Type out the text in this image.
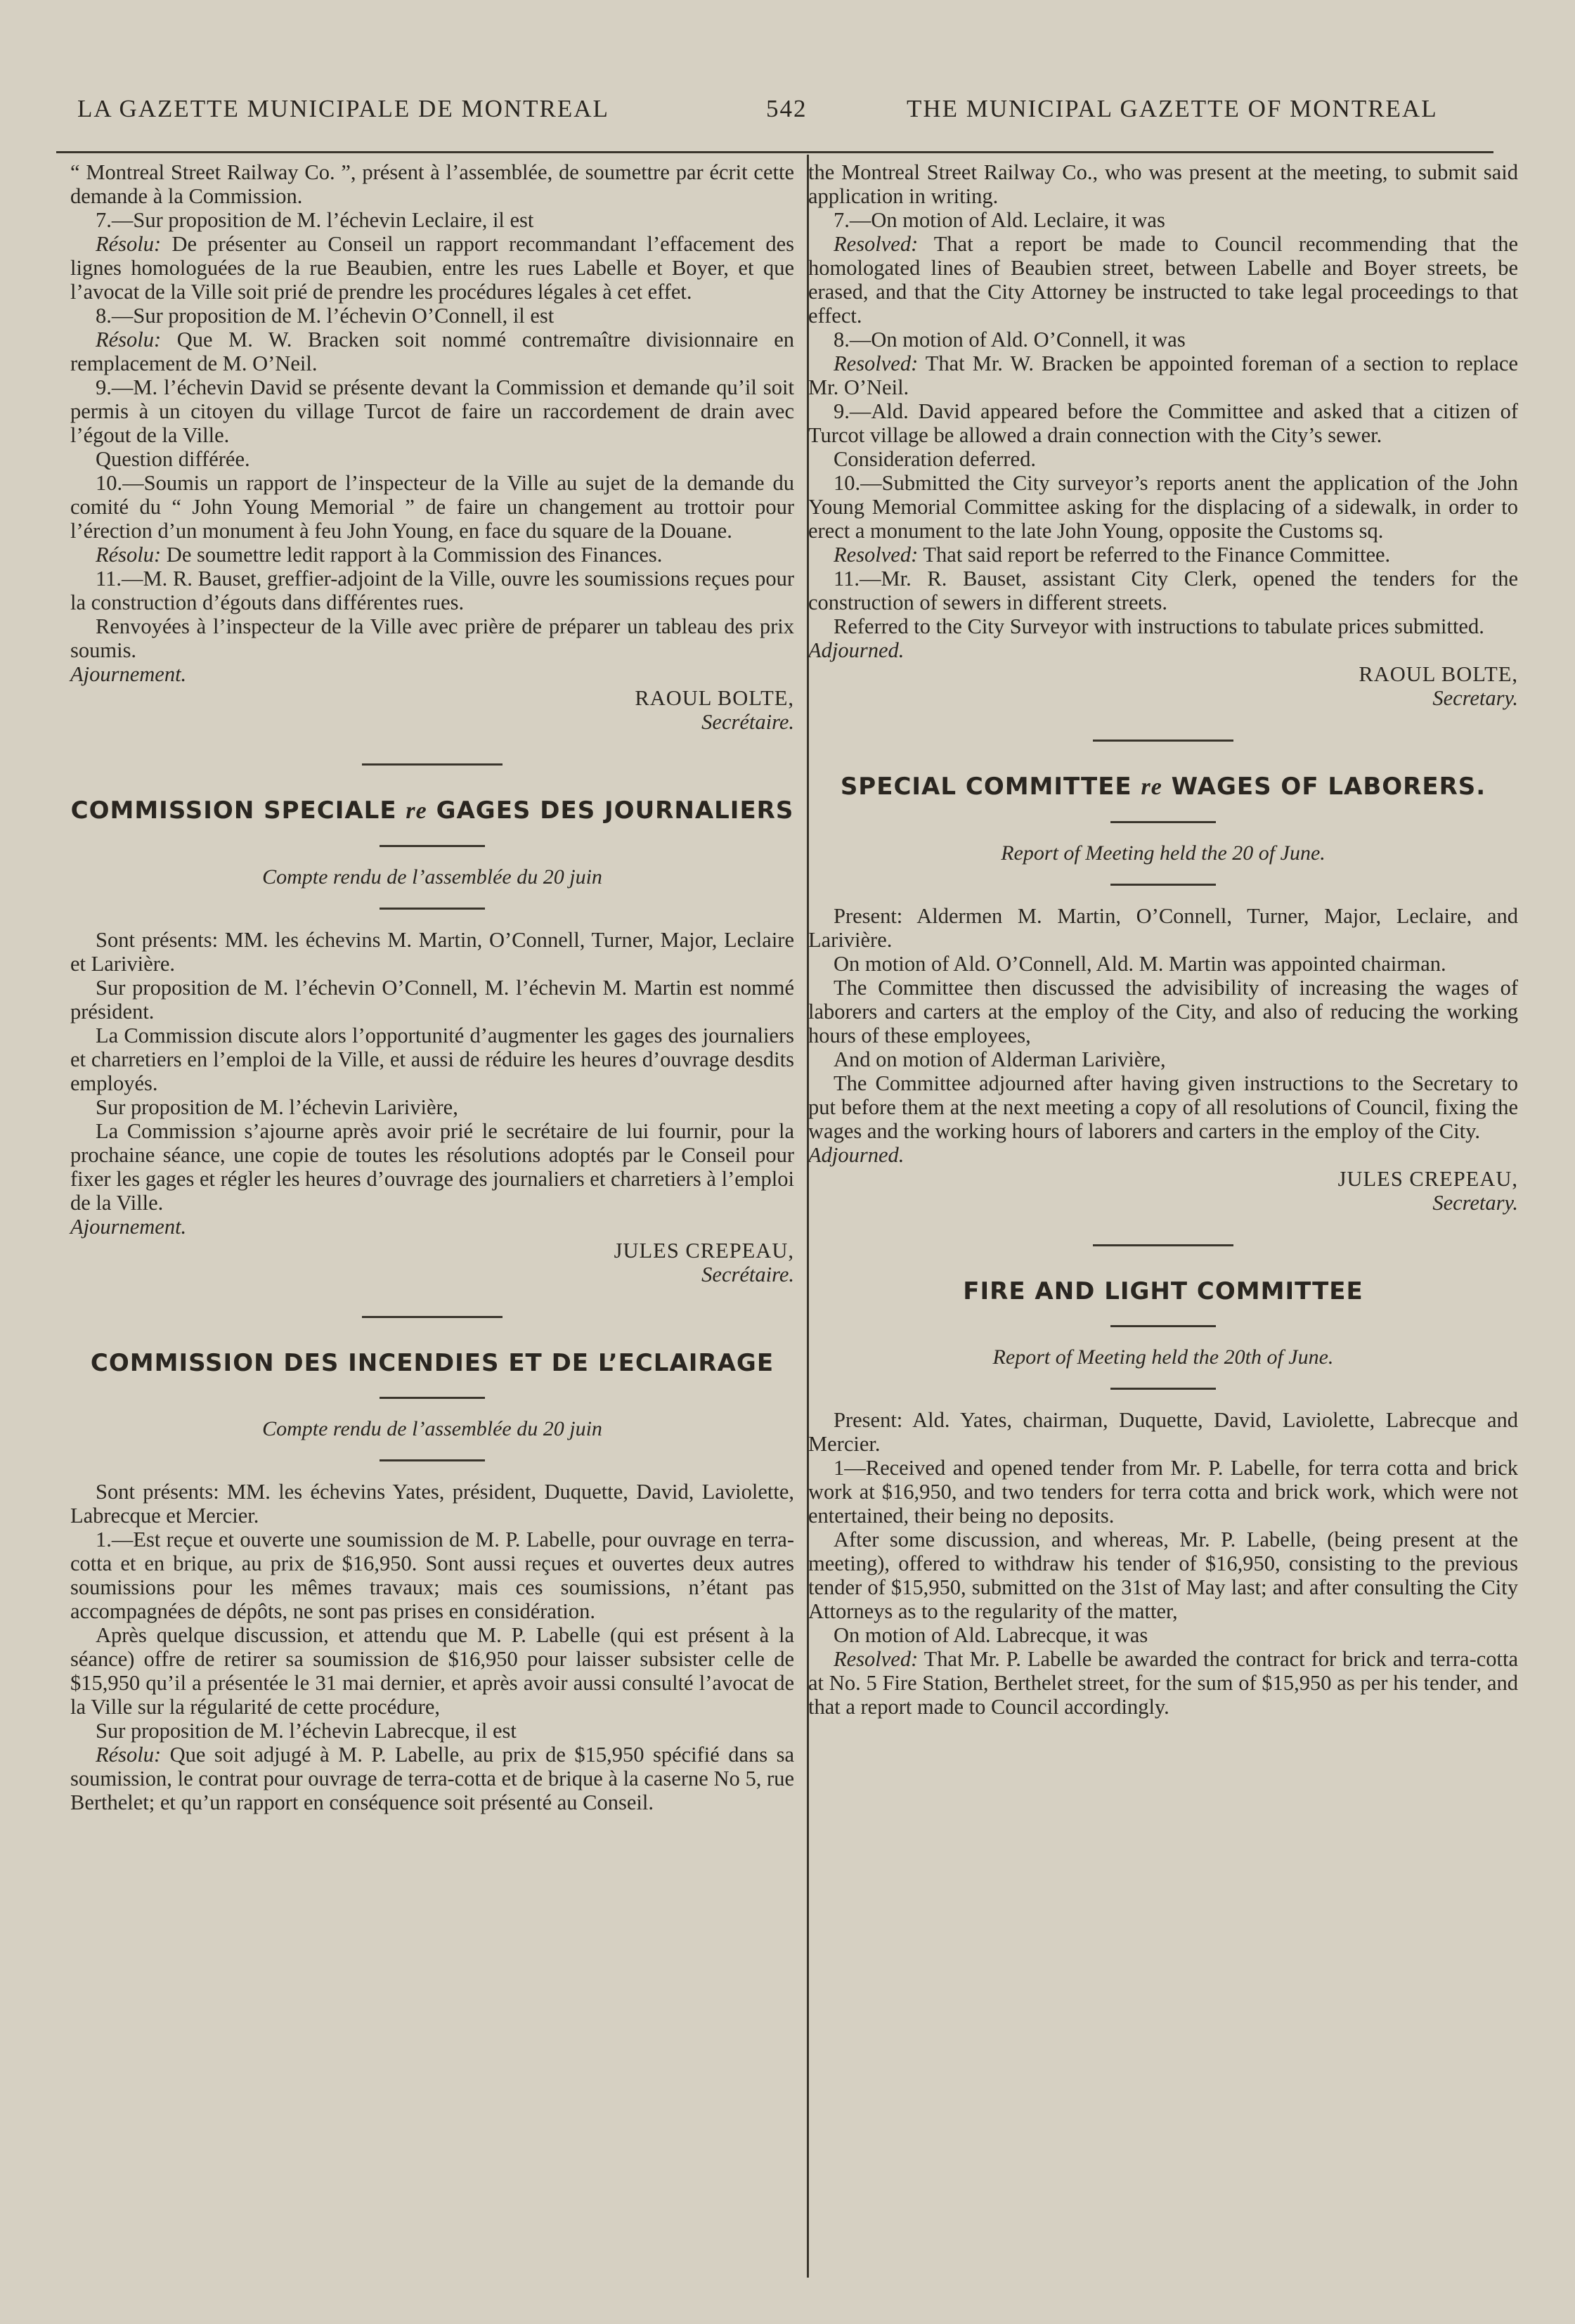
LA GAZETTE MUNICIPALE DE MONTREAL	542	THE MUNICIPAL GAZETTE OF MONTREAL

“ Montreal Street Railway Co. ”, présent à l’assemblée, de soumettre par écrit cette demande à la Commission.

7.—Sur proposition de M. l’échevin Leclaire, il est

Résolu: De présenter au Conseil un rapport recommandant l’effacement des lignes homologuées de la rue Beaubien, entre les rues Labelle et Boyer, et que l’avocat de la Ville soit prié de prendre les procédures légales à cet effet.

8.—Sur proposition de M. l’échevin O’Connell, il est

Résolu: Que M. W. Bracken soit nommé contremaître divisionnaire en remplacement de M. O’Neil.

9.—M. l’échevin David se présente devant la Commission et demande qu’il soit permis à un citoyen du village Turcot de faire un raccordement de drain avec l’égout de la Ville.

Question différée.

10.—Soumis un rapport de l’inspecteur de la Ville au sujet de la demande du comité du “ John Young Memorial ” de faire un changement au trottoir pour l’érection d’un monument à feu John Young, en face du square de la Douane.

Résolu: De soumettre ledit rapport à la Commission des Finances.

11.—M. R. Bauset, greffier-adjoint de la Ville, ouvre les soumissions reçues pour la construction d’égouts dans différentes rues.

Renvoyées à l’inspecteur de la Ville avec prière de préparer un tableau des prix soumis.

Ajournement.

RAOUL BOLTE,

Secrétaire.

COMMISSION SPECIALE re GAGES DES JOURNALIERS

Compte rendu de l’assemblée du 20 juin

Sont présents: MM. les échevins M. Martin, O’Connell, Turner, Major, Leclaire et Larivière.

Sur proposition de M. l’échevin O’Connell, M. l’échevin M. Martin est nommé président.

La Commission discute alors l’opportunité d’augmenter les gages des journaliers et charretiers en l’emploi de la Ville, et aussi de réduire les heures d’ouvrage desdits employés.

Sur proposition de M. l’échevin Larivière,

La Commission s’ajourne après avoir prié le secrétaire de lui fournir, pour la prochaine séance, une copie de toutes les résolutions adoptés par le Conseil pour fixer les gages et régler les heures d’ouvrage des journaliers et charretiers à l’emploi de la Ville.

Ajournement.

JULES CREPEAU,

Secrétaire.

COMMISSION DES INCENDIES ET DE L’ECLAIRAGE

Compte rendu de l’assemblée du 20 juin

Sont présents: MM. les échevins Yates, président, Duquette, David, Laviolette, Labrecque et Mercier.

1.—Est reçue et ouverte une soumission de M. P. Labelle, pour ouvrage en terra-cotta et en brique, au prix de $16,950. Sont aussi reçues et ouvertes deux autres soumissions pour les mêmes travaux; mais ces soumissions, n’étant pas accompagnées de dépôts, ne sont pas prises en considération.

Après quelque discussion, et attendu que M. P. Labelle (qui est présent à la séance) offre de retirer sa soumission de $16,950 pour laisser subsister celle de $15,950 qu’il a présentée le 31 mai dernier, et après avoir aussi consulté l’avocat de la Ville sur la régularité de cette procédure,

Sur proposition de M. l’échevin Labrecque, il est

Résolu: Que soit adjugé à M. P. Labelle, au prix de $15,950 spécifié dans sa soumission, le contrat pour ouvrage de terra-cotta et de brique à la caserne No 5, rue Berthelet; et qu’un rapport en conséquence soit présenté au Conseil.

the Montreal Street Railway Co., who was present at the meeting, to submit said application in writing.

7.—On motion of Ald. Leclaire, it was

Resolved: That a report be made to Council recommending that the homologated lines of Beaubien street, between Labelle and Boyer streets, be erased, and that the City Attorney be instructed to take legal proceedings to that effect.

8.—On motion of Ald. O’Connell, it was

Resolved: That Mr. W. Bracken be appointed foreman of a section to replace Mr. O’Neil.

9.—Ald. David appeared before the Committee and asked that a citizen of Turcot village be allowed a drain connection with the City’s sewer.

Consideration deferred.

10.—Submitted the City surveyor’s reports anent the application of the John Young Memorial Committee asking for the displacing of a sidewalk, in order to erect a monument to the late John Young, opposite the Customs sq.

Resolved: That said report be referred to the Finance Committee.

11.—Mr. R. Bauset, assistant City Clerk, opened the tenders for the construction of sewers in different streets.

Referred to the City Surveyor with instructions to tabulate prices submitted.

Adjourned.

RAOUL BOLTE,

Secretary.

SPECIAL COMMITTEE re WAGES OF LABORERS.

Report of Meeting held the 20 of June.

Present: Aldermen M. Martin, O’Connell, Turner, Major, Leclaire, and Larivière.

On motion of Ald. O’Connell, Ald. M. Martin was appointed chairman.

The Committee then discussed the advisibility of increasing the wages of laborers and carters at the employ of the City, and also of reducing the working hours of these employees,

And on motion of Alderman Larivière,

The Committee adjourned after having given instructions to the Secretary to put before them at the next meeting a copy of all resolutions of Council, fixing the wages and the working hours of laborers and carters in the employ of the City.

Adjourned.

JULES CREPEAU,

Secretary.

FIRE AND LIGHT COMMITTEE

Report of Meeting held the 20th of June.

Present: Ald. Yates, chairman, Duquette, David, Laviolette, Labrecque and Mercier.

1—Received and opened tender from Mr. P. Labelle, for terra cotta and brick work at $16,950, and two tenders for terra cotta and brick work, which were not entertained, their being no deposits.

After some discussion, and whereas, Mr. P. Labelle, (being present at the meeting), offered to withdraw his tender of $16,950, consisting to the previous tender of $15,950, submitted on the 31st of May last; and after consulting the City Attorneys as to the regularity of the matter,

On motion of Ald. Labrecque, it was

Resolved: That Mr. P. Labelle be awarded the contract for brick and terra-cotta at No. 5 Fire Station, Berthelet street, for the sum of $15,950 as per his tender, and that a report made to Council accordingly.
